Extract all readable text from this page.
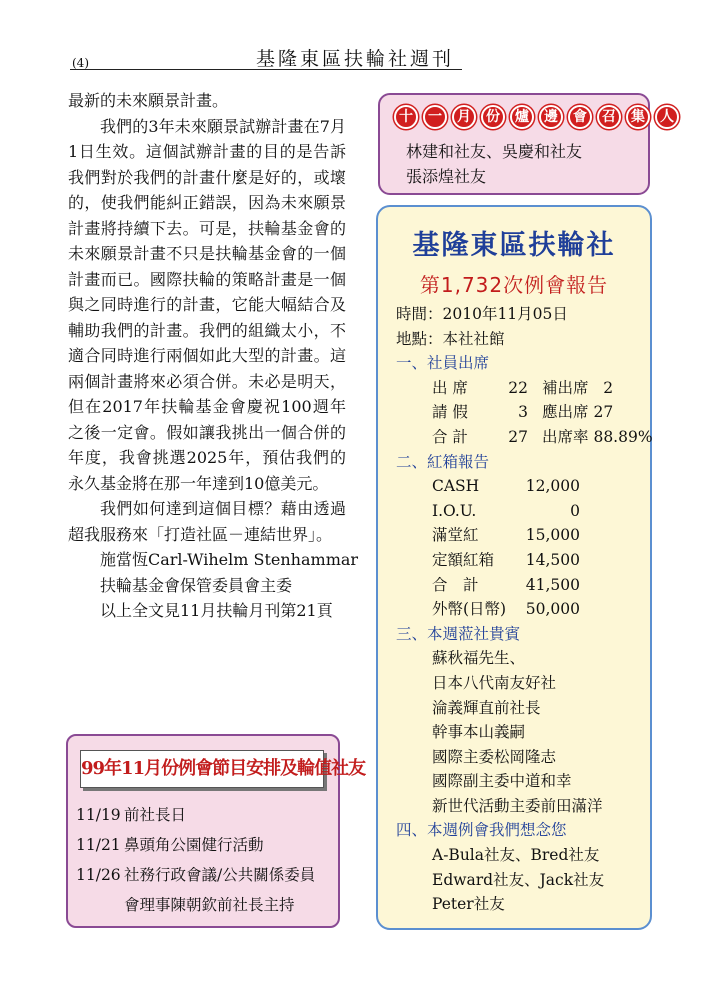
(4)	基隆東區扶輪社週刊

最新的未來願景計畫。

我們的3年未來願景試辦計畫在7月1日生效。這個試辦計畫的目的是告訴我們對於我們的計畫什麼是好的，或壞的，使我們能糾正錯誤，因為未來願景計畫將持續下去。可是，扶輪基金會的未來願景計畫不只是扶輪基金會的一個計畫而已。國際扶輪的策略計畫是一個與之同時進行的計畫，它能大幅結合及輔助我們的計畫。我們的組織太小，不適合同時進行兩個如此大型的計畫。這兩個計畫將來必須合併。未必是明天，但在2017年扶輪基金會慶祝100週年之後一定會。假如讓我挑出一個合併的年度，我會挑選2025年，預估我們的永久基金將在那一年達到10億美元。

我們如何達到這個目標？藉由透過超我服務來「打造社區－連結世界」。

施當恆Carl-Wihelm Stenhammar
扶輪基金會保管委員會主委
以上全文見11月扶輪月刊第21頁
99年11月份例會節目安排及輪值社友
11/19 前社長日
11/21 鼻頭角公園健行活動
11/26 社務行政會議/公共關係委員
會理事陳朝欽前社長主持
十	一	月	份	爐	邊	會	召	集	人
林建和社友、吳慶和社友
張添煌社友
基隆東區扶輪社
第1,732次例會報告
時間：2010年11月05日
地點：本社社館
一、社員出席
出 席	22 補出席 2
請 假	3 應出席 27
合 計	27 出席率 88.89%
二、紅箱報告
CASH	12,000
I.O.U.	0
滿堂紅	15,000
定額紅箱 14,500
合　計	41,500
外幣(日幣) 50,000
三、本週蒞社貴賓
蘇秋福先生、
日本八代南友好社
淪義輝直前社長
幹事本山義嗣
國際主委松岡隆志
國際副主委中道和幸
新世代活動主委前田滿洋
四、本週例會我們想念您
A-Bula社友、Bred社友
Edward社友、Jack社友
Peter社友
